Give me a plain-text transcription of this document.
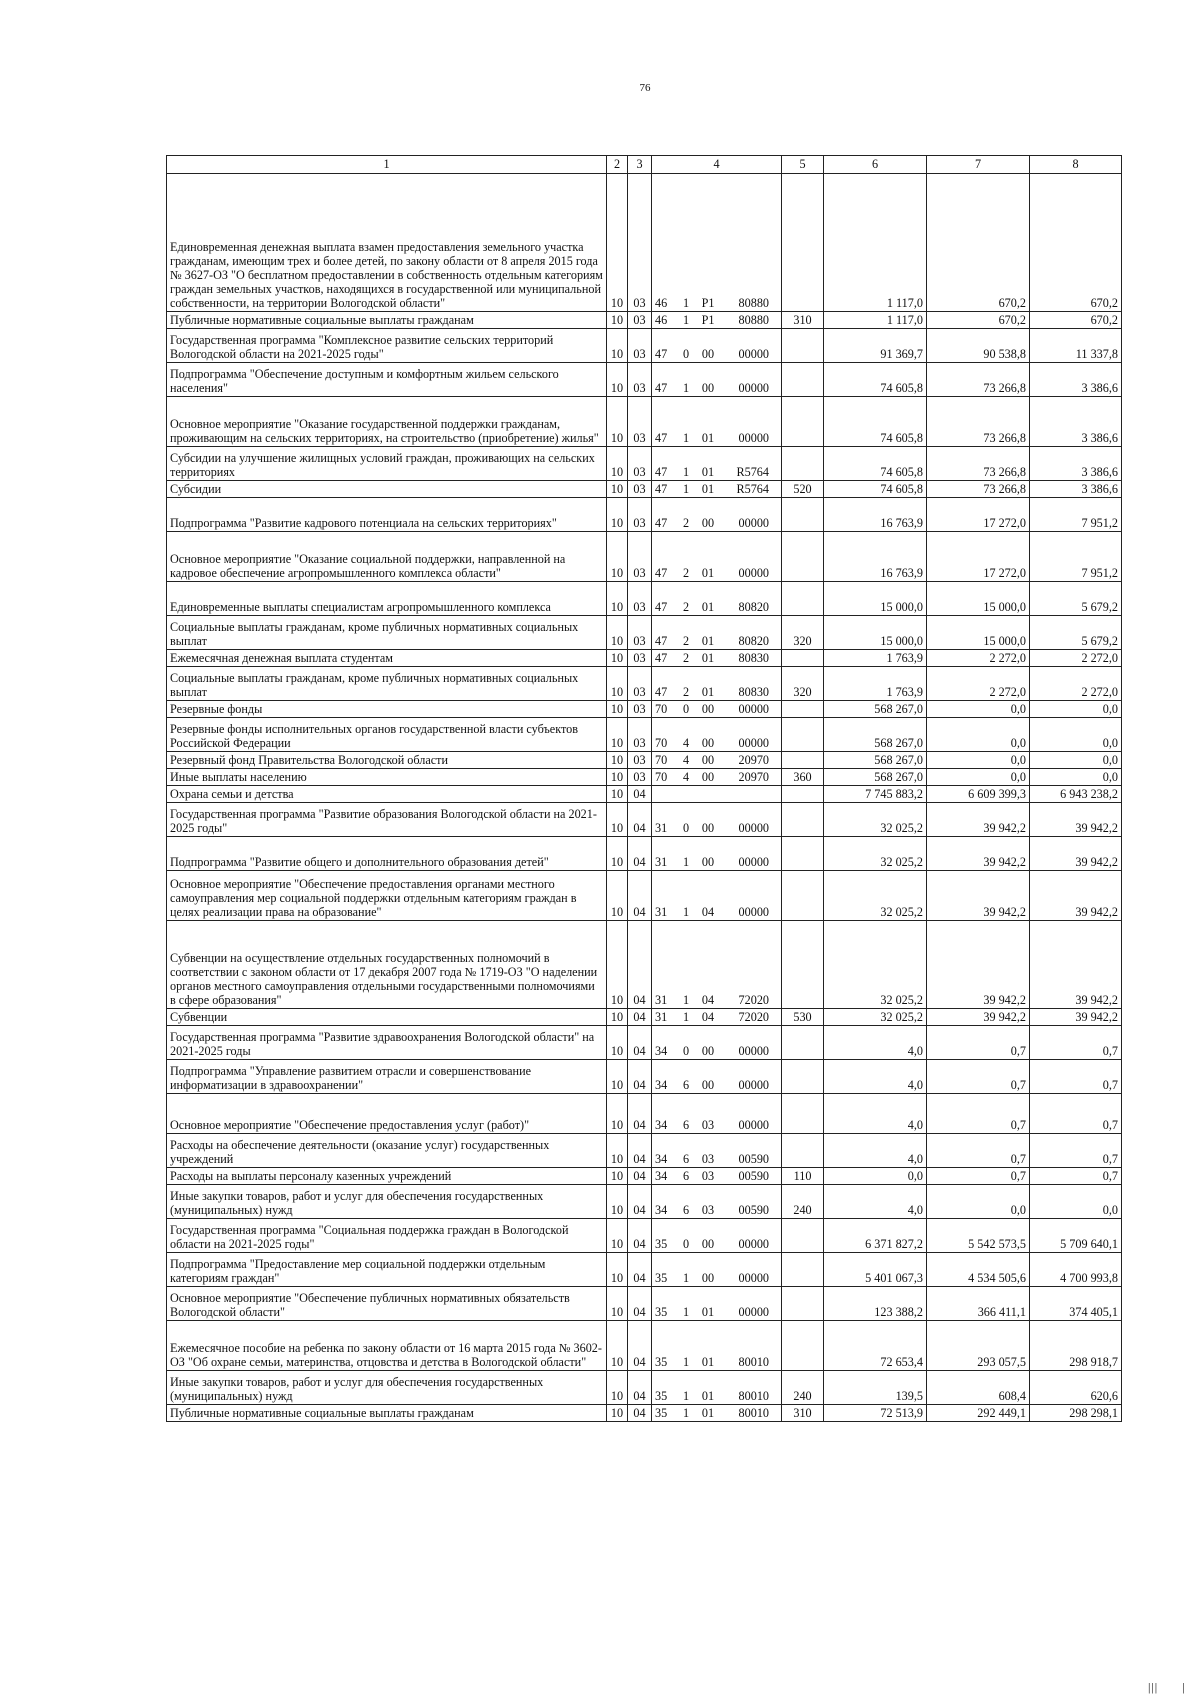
76
1	2	3	4	5	6	7	8
Единовременная денежная выплата взамен предоставления земельного участка гражданам, имеющим трех и более детей, по закону области от 8 апреля 2015 года № 3627-ОЗ "О бесплатном предоставлении в собственность отдельным категориям граждан земельных участков, находящихся в государственной или муниципальной собственности, на территории Вологодской области"	10	03	46 1 P1 80880		1 117,0	670,2	670,2
Публичные нормативные социальные выплаты гражданам	10	03	46 1 P1 80880	310	1 117,0	670,2	670,2
Государственная программа "Комплексное развитие сельских территорий Вологодской области на 2021-2025 годы"	10	03	47 0 00 00000		91 369,7	90 538,8	11 337,8
Подпрограмма "Обеспечение доступным и комфортным жильем сельского населения"	10	03	47 1 00 00000		74 605,8	73 266,8	3 386,6
Основное мероприятие "Оказание государственной поддержки гражданам, проживающим на сельских территориях, на строительство (приобретение) жилья"	10	03	47 1 01 00000		74 605,8	73 266,8	3 386,6
Субсидии на улучшение жилищных условий граждан, проживающих на сельских территориях	10	03	47 1 01 R5764		74 605,8	73 266,8	3 386,6
Субсидии	10	03	47 1 01 R5764	520	74 605,8	73 266,8	3 386,6
Подпрограмма "Развитие кадрового потенциала на сельских территориях"	10	03	47 2 00 00000		16 763,9	17 272,0	7 951,2
Основное мероприятие "Оказание социальной поддержки, направленной на кадровое обеспечение агропромышленного комплекса области"	10	03	47 2 01 00000		16 763,9	17 272,0	7 951,2
Единовременные выплаты специалистам агропромышленного комплекса	10	03	47 2 01 80820		15 000,0	15 000,0	5 679,2
Социальные выплаты гражданам, кроме публичных нормативных социальных выплат	10	03	47 2 01 80820	320	15 000,0	15 000,0	5 679,2
Ежемесячная денежная выплата студентам	10	03	47 2 01 80830		1 763,9	2 272,0	2 272,0
Социальные выплаты гражданам, кроме публичных нормативных социальных выплат	10	03	47 2 01 80830	320	1 763,9	2 272,0	2 272,0
Резервные фонды	10	03	70 0 00 00000		568 267,0	0,0	0,0
Резервные фонды исполнительных органов государственной власти субъектов Российской Федерации	10	03	70 4 00 00000		568 267,0	0,0	0,0
Резервный фонд Правительства Вологодской области	10	03	70 4 00 20970		568 267,0	0,0	0,0
Иные выплаты населению	10	03	70 4 00 20970	360	568 267,0	0,0	0,0
Охрана семьи и детства	10	04			7 745 883,2	6 609 399,3	6 943 238,2
Государственная программа "Развитие образования Вологодской области на 2021-2025 годы"	10	04	31 0 00 00000		32 025,2	39 942,2	39 942,2
Подпрограмма "Развитие общего и дополнительного образования детей"	10	04	31 1 00 00000		32 025,2	39 942,2	39 942,2
Основное мероприятие "Обеспечение предоставления органами местного самоуправления мер социальной поддержки отдельным категориям граждан в целях реализации права на образование"	10	04	31 1 04 00000		32 025,2	39 942,2	39 942,2
Субвенции на осуществление отдельных государственных полномочий в соответствии с законом области от 17 декабря 2007 года № 1719-ОЗ "О наделении органов местного самоуправления отдельными государственными полномочиями в сфере образования"	10	04	31 1 04 72020		32 025,2	39 942,2	39 942,2
Субвенции	10	04	31 1 04 72020	530	32 025,2	39 942,2	39 942,2
Государственная программа "Развитие здравоохранения Вологодской области" на 2021-2025 годы	10	04	34 0 00 00000		4,0	0,7	0,7
Подпрограмма "Управление развитием отрасли и совершенствование информатизации в здравоохранении"	10	04	34 6 00 00000		4,0	0,7	0,7
Основное мероприятие "Обеспечение предоставления услуг (работ)"	10	04	34 6 03 00000		4,0	0,7	0,7
Расходы на обеспечение деятельности (оказание услуг) государственных учреждений	10	04	34 6 03 00590		4,0	0,7	0,7
Расходы на выплаты персоналу казенных учреждений	10	04	34 6 03 00590	110	0,0	0,7	0,7
Иные закупки товаров, работ и услуг для обеспечения государственных (муниципальных) нужд	10	04	34 6 03 00590	240	4,0	0,0	0,0
Государственная программа "Социальная поддержка граждан в Вологодской области на 2021-2025 годы"	10	04	35 0 00 00000		6 371 827,2	5 542 573,5	5 709 640,1
Подпрограмма "Предоставление мер социальной поддержки отдельным категориям граждан"	10	04	35 1 00 00000		5 401 067,3	4 534 505,6	4 700 993,8
Основное мероприятие "Обеспечение публичных нормативных обязательств Вологодской области"	10	04	35 1 01 00000		123 388,2	366 411,1	374 405,1
Ежемесячное пособие на ребенка по закону области от 16 марта 2015 года № 3602-ОЗ "Об охране семьи, материнства, отцовства и детства в Вологодской области"	10	04	35 1 01 80010		72 653,4	293 057,5	298 918,7
Иные закупки товаров, работ и услуг для обеспечения государственных (муниципальных) нужд	10	04	35 1 01 80010	240	139,5	608,4	620,6
Публичные нормативные социальные выплаты гражданам	10	04	35 1 01 80010	310	72 513,9	292 449,1	298 298,1
|||      |
